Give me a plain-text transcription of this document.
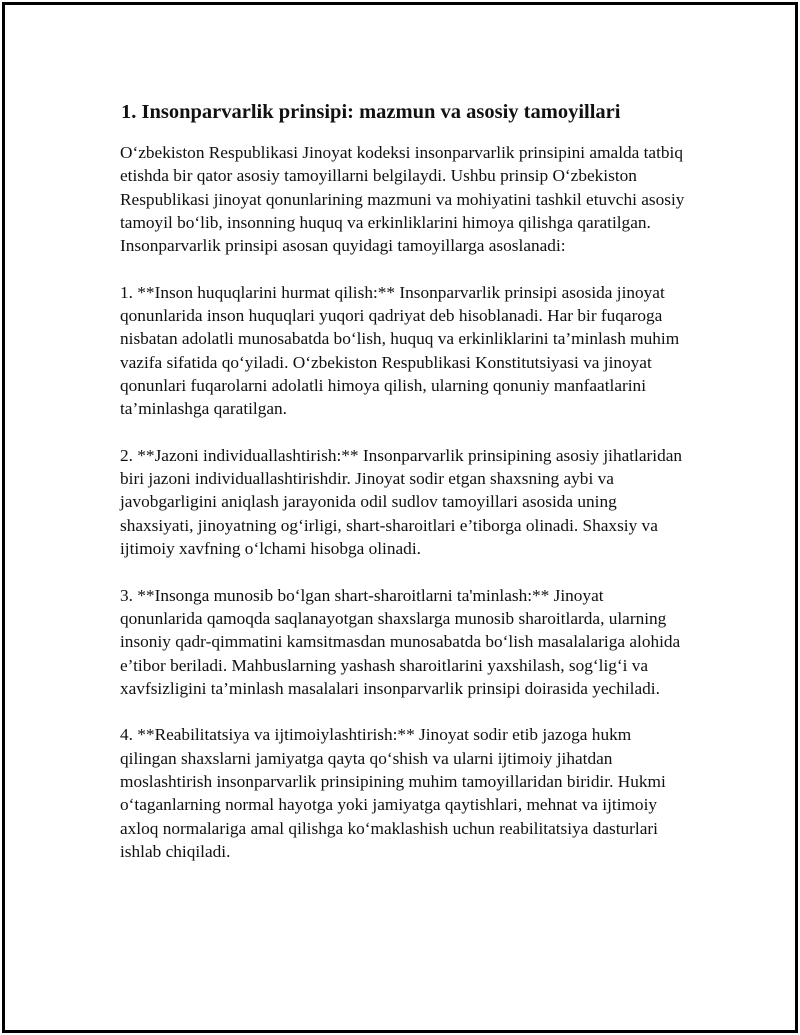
1. Insonparvarlik prinsipi: mazmun va asosiy tamoyillari

O‘zbekiston Respublikasi Jinoyat kodeksi insonparvarlik prinsipini amalda tatbiq etishda bir qator asosiy tamoyillarni belgilaydi. Ushbu prinsip O‘zbekiston Respublikasi jinoyat qonunlarining mazmuni va mohiyatini tashkil etuvchi asosiy tamoyil bo‘lib, insonning huquq va erkinliklarini himoya qilishga qaratilgan. Insonparvarlik prinsipi asosan quyidagi tamoyillarga asoslanadi:

1. **Inson huquqlarini hurmat qilish:** Insonparvarlik prinsipi asosida jinoyat qonunlarida inson huquqlari yuqori qadriyat deb hisoblanadi. Har bir fuqaroga nisbatan adolatli munosabatda bo‘lish, huquq va erkinliklarini ta’minlash muhim vazifa sifatida qo‘yiladi. O‘zbekiston Respublikasi Konstitutsiyasi va jinoyat qonunlari fuqarolarni adolatli himoya qilish, ularning qonuniy manfaatlarini ta’minlashga qaratilgan.

2. **Jazoni individuallashtirish:** Insonparvarlik prinsipining asosiy jihatlaridan biri jazoni individuallashtirishdir. Jinoyat sodir etgan shaxsning aybi va javobgarligini aniqlash jarayonida odil sudlov tamoyillari asosida uning shaxsiyati, jinoyatning og‘irligi, shart-sharoitlari e’tiborga olinadi. Shaxsiy va ijtimoiy xavfning o‘lchami hisobga olinadi.

3. **Insonga munosib bo‘lgan shart-sharoitlarni ta'minlash:** Jinoyat qonunlarida qamoqda saqlanayotgan shaxslarga munosib sharoitlarda, ularning insoniy qadr-qimmatini kamsitmasdan munosabatda bo‘lish masalalariga alohida e’tibor beriladi. Mahbuslarning yashash sharoitlarini yaxshilash, sog‘lig‘i va xavfsizligini ta’minlash masalalari insonparvarlik prinsipi doirasida yechiladi.

4. **Reabilitatsiya va ijtimoiylashtirish:** Jinoyat sodir etib jazoga hukm qilingan shaxslarni jamiyatga qayta qo‘shish va ularni ijtimoiy jihatdan moslashtirish insonparvarlik prinsipining muhim tamoyillaridan biridir. Hukmi o‘taganlarning normal hayotga yoki jamiyatga qaytishlari, mehnat va ijtimoiy axloq normalariga amal qilishga ko‘maklashish uchun reabilitatsiya dasturlari ishlab chiqiladi.
